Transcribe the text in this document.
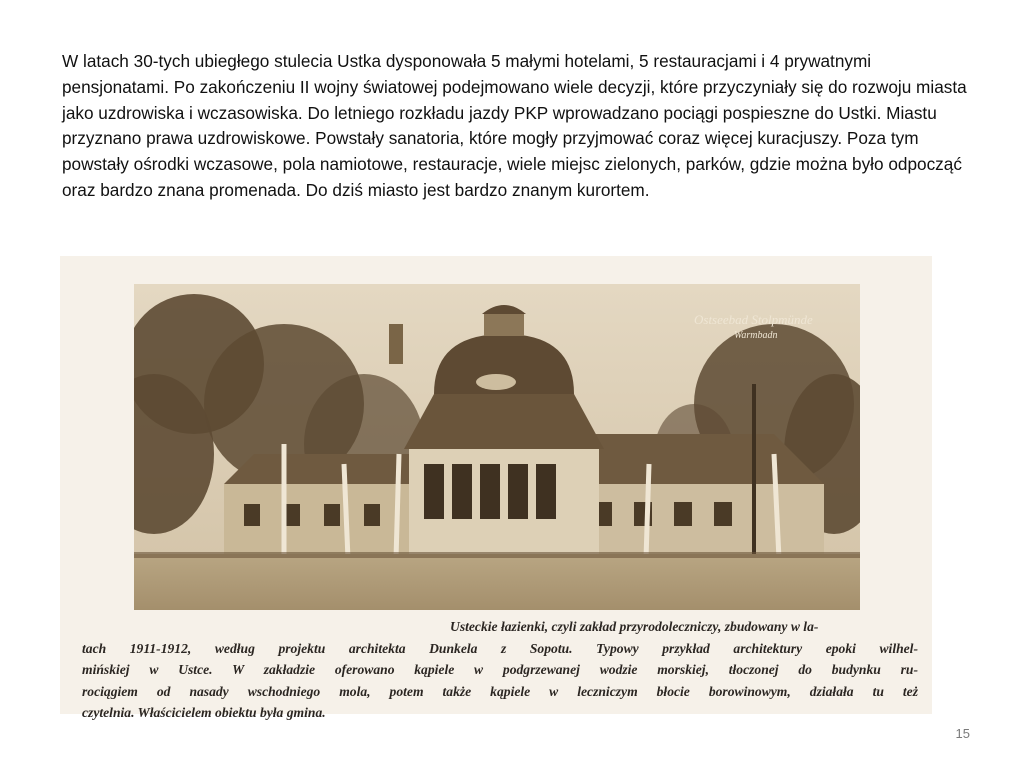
W latach 30-tych ubiegłego stulecia Ustka dysponowała 5 małymi hotelami, 5 restauracjami i 4 prywatnymi pensjonatami. Po zakończeniu II wojny światowej podejmowano wiele decyzji, które przyczyniały się do rozwoju miasta jako uzdrowiska i wczasowiska. Do letniego rozkładu jazdy PKP wprowadzano pociągi pospieszne do Ustki. Miastu przyznano prawa uzdrowiskowe. Powstały sanatoria, które mogły przyjmować coraz więcej kuracjuszy. Poza tym powstały ośrodki wczasowe, pola namiotowe, restauracje, wiele miejsc zielonych, parków, gdzie można było odpocząć oraz bardzo znana promenada. Do dziś miasto jest bardzo znanym kurortem.
Ostseebad Stolpmünde
Warmbadn
Usteckie łazienki, czyli zakład przyrodoleczniczy, zbudowany w la-
tach 1911-1912, według projektu architekta Dunkela z Sopotu. Typowy przykład architektury epoki wilhel-
mińskiej w Ustce. W zakładzie oferowano kąpiele w podgrzewanej wodzie morskiej, tłoczonej do budynku ru-
rociągiem od nasady wschodniego mola, potem także kąpiele w leczniczym błocie borowinowym, działała tu też
czytelnia. Właścicielem obiektu była gmina.
15
